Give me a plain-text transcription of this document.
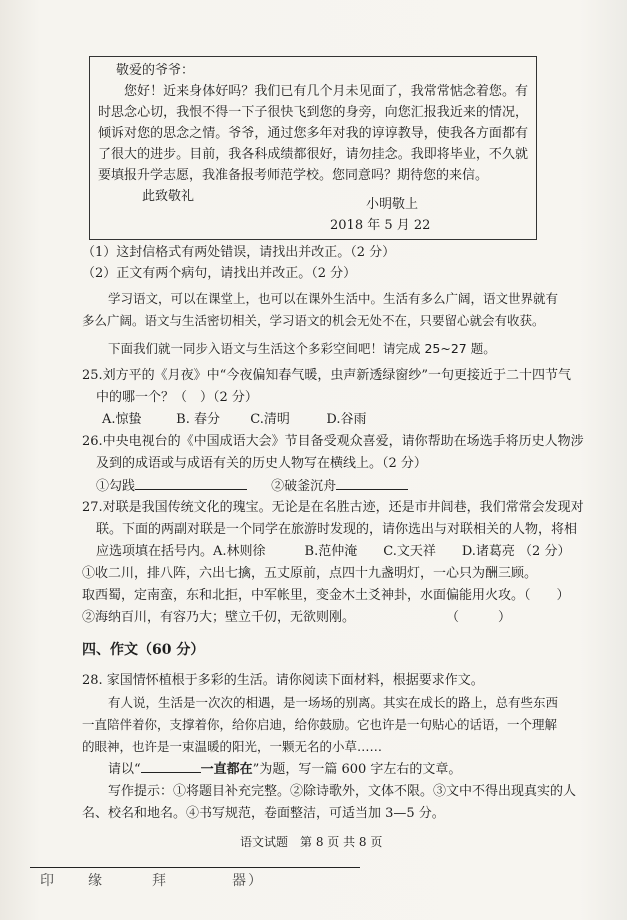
敬爱的爷爷：
您好！近来身体好吗？我们已有几个月未见面了，我常常惦念着您。有时思念心切，我恨不得一下子很快飞到您的身旁，向您汇报我近来的情况，倾诉对您的思念之情。爷爷，通过您多年对我的谆谆教导，使我各方面都有了很大的进步。目前，我各科成绩都很好，请勿挂念。我即将毕业，不久就要填报升学志愿，我准备报考师范学校。您同意吗？期待您的来信。
此致敬礼
小明敬上
2018 年 5 月 22
（1）这封信格式有两处错误，请找出并改正。（2 分）
（2）正文有两个病句，请找出并改正。（2 分）
学习语文，可以在课堂上，也可以在课外生活中。生活有多么广阔，语文世界就有多么广阔。语文与生活密切相关，学习语文的机会无处不在，只要留心就会有收获。
下面我们就一同步入语文与生活这个多彩空间吧！请完成 25~27 题。
25.刘方平的《月夜》中“今夜偏知春气暖，虫声新透绿窗纱”一句更接近于二十四节气
中的哪一个？（　）（2 分）
A.惊蛰	B. 春分 C.清明	D.谷雨
26.中央电视台的《中国成语大会》节目备受观众喜爱，请你帮助在场选手将历史人物涉
及到的成语或与成语有关的历史人物写在横线上。（2 分）
①勾践	②破釜沉舟
27.对联是我国传统文化的瑰宝。无论是在名胜古迹，还是市井闾巷，我们常常会发现对
联。下面的两副对联是一个同学在旅游时发现的，请你选出与对联相关的人物，将相
应选项填在括号内。A.林则徐　　　B.范仲淹　　C.文天祥　　D.诸葛亮 （2 分）
①收二川，排八阵，六出七擒，五丈原前，点四十九盏明灯，一心只为酬三顾。
取西蜀，定南蛮，东和北拒，中军帐里，变金木土爻神卦，水面偏能用火攻。（　　）
②海纳百川，有容乃大；壁立千仞，无欲则刚。　　　　　　　　（　　　）
四、作文（60 分）
28. 家国情怀植根于多彩的生活。请你阅读下面材料，根据要求作文。
有人说，生活是一次次的相遇，是一场场的别离。其实在成长的路上，总有些东西一直陪伴着你，支撑着你，给你启迪，给你鼓励。它也许是一句贴心的话语，一个理解的眼神，也许是一束温暖的阳光，一颗无名的小草……
请以“	一直都在”为题，写一篇 600 字左右的文章。
写作提示：①将题目补充完整。②除诗歌外，文体不限。③文中不得出现真实的人
名、校名和地名。④书写规范，卷面整洁，可适当加 3—5 分。
语文试题　第 8 页 共 8 页
印　　缘　　　拜　　　　器）
